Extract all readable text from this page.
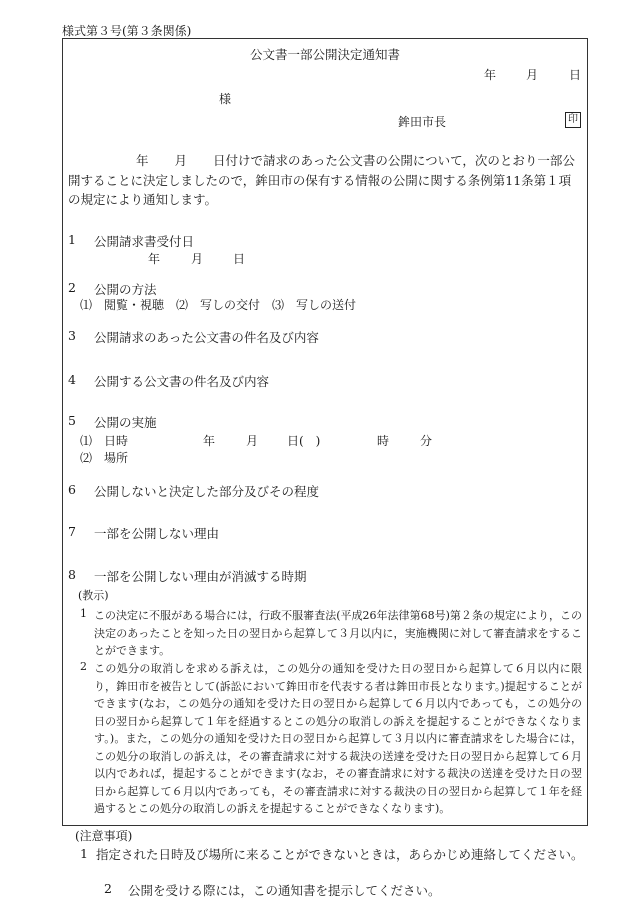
様式第３号(第３条関係)
公文書一部公開決定通知書
年 月	日
様
鉾田市長	印
年 月 日付けで請求のあった公文書の公開について，次のとおり一部公開することに決定しましたので，鉾田市の保有する情報の公開に関する条例第11条第１項の規定により通知します。
1 公開請求書受付日
年	月 日
2 公開の方法
⑴　閲覧・視聴　⑵　写しの交付　⑶　写しの送付
3 公開請求のあった公文書の件名及び内容
4 公開する公文書の件名及び内容
5 公開の実施
⑴　日時	年	月 日(　)	時	分
⑵　場所
6 公開しないと決定した部分及びその程度
7 一部を公開しない理由
8 一部を公開しない理由が消滅する時期
(教示)
1 この決定に不服がある場合には，行政不服審査法(平成26年法律第68号)第２条の規定により，この決定のあったことを知った日の翌日から起算して３月以内に，実施機関に対して審査請求をすることができます。
2 この処分の取消しを求める訴えは，この処分の通知を受けた日の翌日から起算して６月以内に限り，鉾田市を被告として(訴訟において鉾田市を代表する者は鉾田市長となります。)提起することができます(なお，この処分の通知を受けた日の翌日から起算して６月以内であっても，この処分の日の翌日から起算して１年を経過するとこの処分の取消しの訴えを提起することができなくなります。)。また，この処分の通知を受けた日の翌日から起算して３月以内に審査請求をした場合には，この処分の取消しの訴えは，その審査請求に対する裁決の送達を受けた日の翌日から起算して６月以内であれば，提起することができます(なお，その審査請求に対する裁決の送達を受けた日の翌日から起算して６月以内であっても，その審査請求に対する裁決の日の翌日から起算して１年を経過するとこの処分の取消しの訴えを提起することができなくなります)。
(注意事項)
1 指定された日時及び場所に来ることができないときは，あらかじめ連絡してください。
2 公開を受ける際には，この通知書を提示してください。
